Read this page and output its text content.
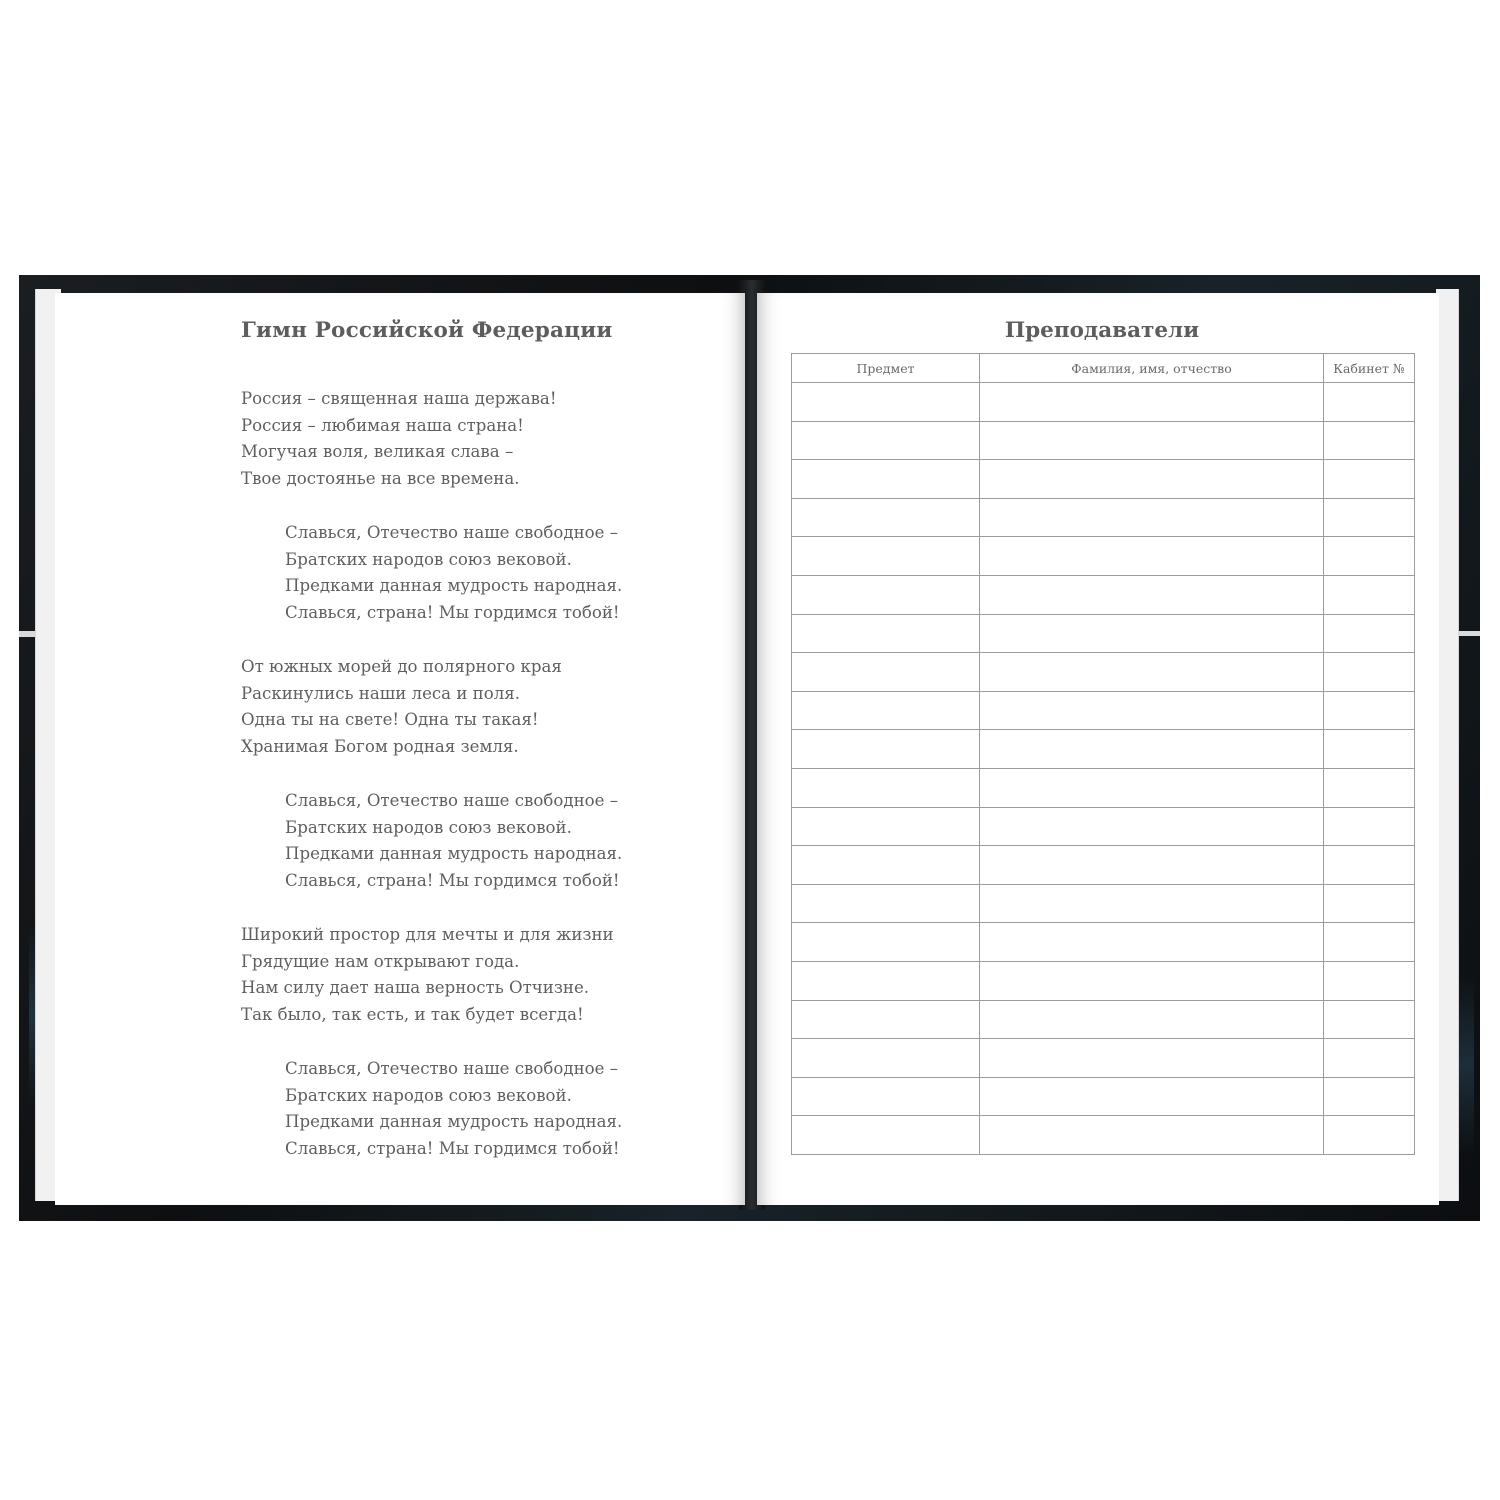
Гимн Российской Федерации
Россия – священная наша держава!
Россия – любимая наша страна!
Могучая воля, великая слава –
Твое достоянье на все времена.
Славься, Отечество наше свободное –
Братских народов союз вековой.
Предками данная мудрость народная.
Славься, страна! Мы гордимся тобой!
От южных морей до полярного края
Раскинулись наши леса и поля.
Одна ты на свете! Одна ты такая!
Хранимая Богом родная земля.
Славься, Отечество наше свободное –
Братских народов союз вековой.
Предками данная мудрость народная.
Славься, страна! Мы гордимся тобой!
Широкий простор для мечты и для жизни
Грядущие нам открывают года.
Нам силу дает наша верность Отчизне.
Так было, так есть, и так будет всегда!
Славься, Отечество наше свободное –
Братских народов союз вековой.
Предками данная мудрость народная.
Славься, страна! Мы гордимся тобой!
Преподаватели
Предмет	Фамилия, имя, отчество	Кабинет №
